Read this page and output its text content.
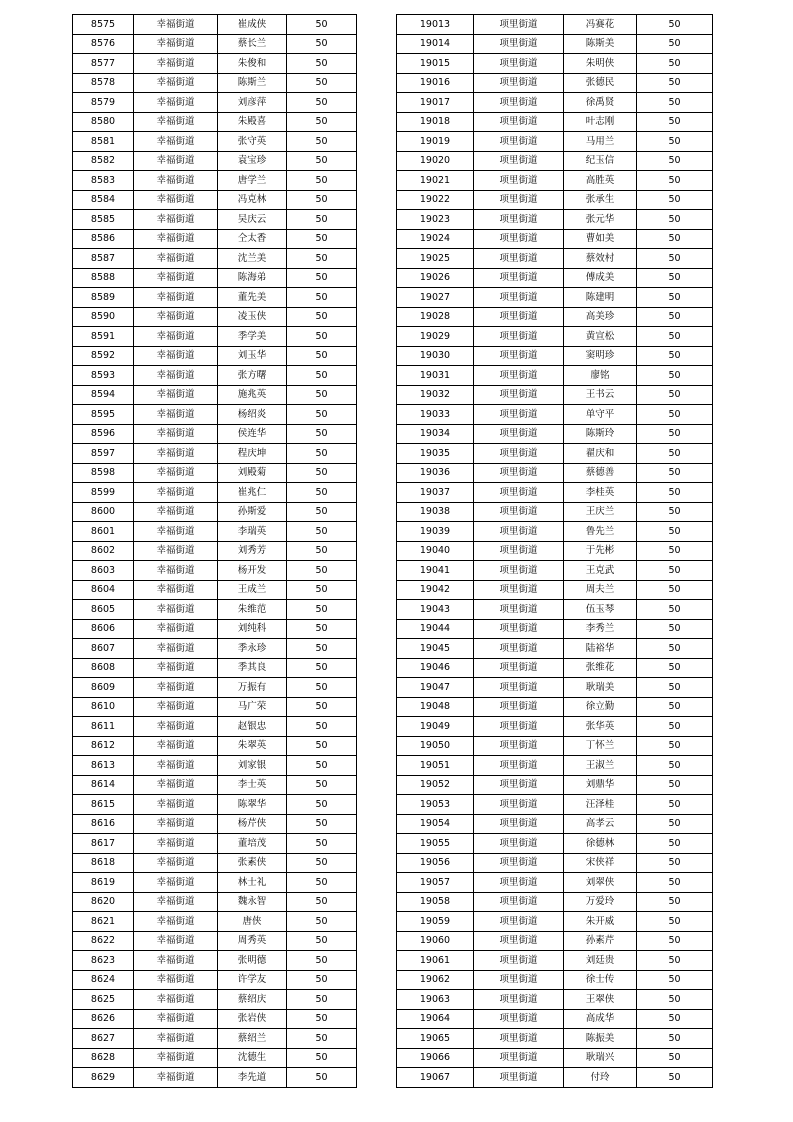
8575	幸福街道	崔成侠	50
8576	幸福街道	蔡长兰	50
8577	幸福街道	朱俊和	50
8578	幸福街道	陈斯兰	50
8579	幸福街道	刘彦萍	50
8580	幸福街道	朱殿喜	50
8581	幸福街道	张守英	50
8582	幸福街道	袁宝珍	50
8583	幸福街道	唐学兰	50
8584	幸福街道	冯克林	50
8585	幸福街道	吴庆云	50
8586	幸福街道	仝太香	50
8587	幸福街道	沈兰美	50
8588	幸福街道	陈海弟	50
8589	幸福街道	董先美	50
8590	幸福街道	凌玉侠	50
8591	幸福街道	季学美	50
8592	幸福街道	刘玉华	50
8593	幸福街道	张方曙	50
8594	幸福街道	施兆英	50
8595	幸福街道	杨绍炎	50
8596	幸福街道	侯连华	50
8597	幸福街道	程庆坤	50
8598	幸福街道	刘殿菊	50
8599	幸福街道	崔兆仁	50
8600	幸福街道	孙斯爱	50
8601	幸福街道	李瑞英	50
8602	幸福街道	刘秀芳	50
8603	幸福街道	杨开发	50
8604	幸福街道	王成兰	50
8605	幸福街道	朱维范	50
8606	幸福街道	刘纯科	50
8607	幸福街道	季永珍	50
8608	幸福街道	季其良	50
8609	幸福街道	万振有	50
8610	幸福街道	马广荣	50
8611	幸福街道	赵银忠	50
8612	幸福街道	朱翠英	50
8613	幸福街道	刘家银	50
8614	幸福街道	李士英	50
8615	幸福街道	陈翠华	50
8616	幸福街道	杨芹侠	50
8617	幸福街道	董培茂	50
8618	幸福街道	张素侠	50
8619	幸福街道	林士礼	50
8620	幸福街道	魏永智	50
8621	幸福街道	唐侠	50
8622	幸福街道	周秀英	50
8623	幸福街道	张明德	50
8624	幸福街道	许学友	50
8625	幸福街道	蔡绍庆	50
8626	幸福街道	张岩侠	50
8627	幸福街道	蔡绍兰	50
8628	幸福街道	沈德生	50
8629	幸福街道	李先道	50
19013	项里街道	冯赛花	50
19014	项里街道	陈斯美	50
19015	项里街道	朱明侠	50
19016	项里街道	张德民	50
19017	项里街道	徐禹贤	50
19018	项里街道	叶志刚	50
19019	项里街道	马用兰	50
19020	项里街道	纪玉信	50
19021	项里街道	高胜英	50
19022	项里街道	张承生	50
19023	项里街道	张元华	50
19024	项里街道	曹如美	50
19025	项里街道	蔡效村	50
19026	项里街道	傅成美	50
19027	项里街道	陈建明	50
19028	项里街道	高美珍	50
19029	项里街道	黄宣松	50
19030	项里街道	窦明珍	50
19031	项里街道	廖铭	50
19032	项里街道	王书云	50
19033	项里街道	单守平	50
19034	项里街道	陈斯玲	50
19035	项里街道	翟庆和	50
19036	项里街道	蔡德善	50
19037	项里街道	李桂英	50
19038	项里街道	王庆兰	50
19039	项里街道	鲁先兰	50
19040	项里街道	于先彬	50
19041	项里街道	王克武	50
19042	项里街道	周夫兰	50
19043	项里街道	伍玉琴	50
19044	项里街道	李秀兰	50
19045	项里街道	陆裕华	50
19046	项里街道	张维花	50
19047	项里街道	耿瑞美	50
19048	项里街道	徐立勤	50
19049	项里街道	张华英	50
19050	项里街道	丁怀兰	50
19051	项里街道	王淑兰	50
19052	项里街道	刘鼎华	50
19053	项里街道	汪泽桂	50
19054	项里街道	高孝云	50
19055	项里街道	徐德林	50
19056	项里街道	宋侠祥	50
19057	项里街道	刘翠侠	50
19058	项里街道	万爱玲	50
19059	项里街道	朱开威	50
19060	项里街道	孙素芹	50
19061	项里街道	刘廷贵	50
19062	项里街道	徐士传	50
19063	项里街道	王翠侠	50
19064	项里街道	高成华	50
19065	项里街道	陈振美	50
19066	项里街道	耿瑞兴	50
19067	项里街道	付玲	50
